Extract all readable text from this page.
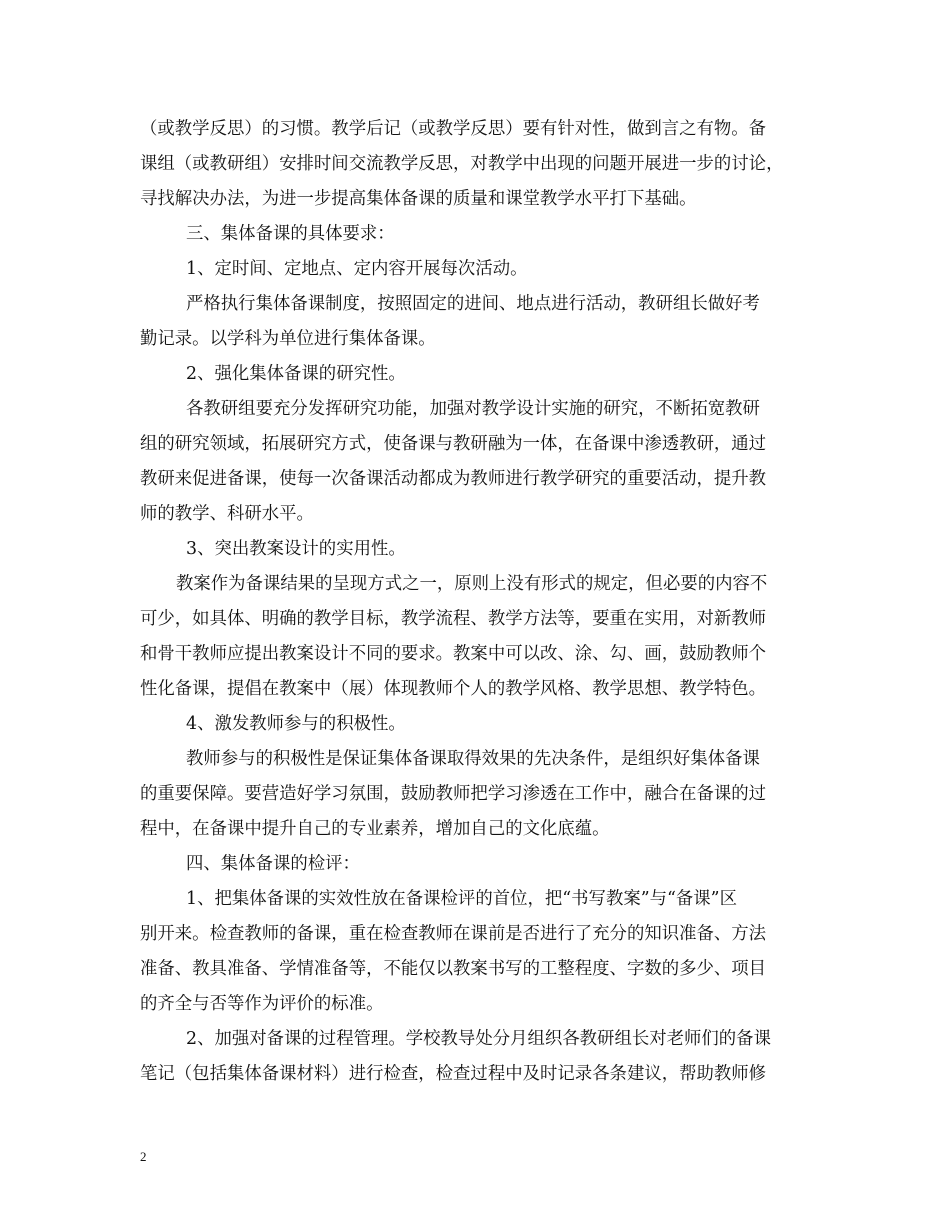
（或教学反思）的习惯。教学后记（或教学反思）要有针对性，做到言之有物。备
课组（或教研组）安排时间交流教学反思，对教学中出现的问题开展进一步的讨论，
寻找解决办法，为进一步提高集体备课的质量和课堂教学水平打下基础。
三、集体备课的具体要求：
1、定时间、定地点、定内容开展每次活动。
严格执行集体备课制度，按照固定的进间、地点进行活动，教研组长做好考
勤记录。以学科为单位进行集体备课。
2、强化集体备课的研究性。
各教研组要充分发挥研究功能，加强对教学设计实施的研究，不断拓宽教研
组的研究领域，拓展研究方式，使备课与教研融为一体，在备课中渗透教研，通过
教研来促进备课，使每一次备课活动都成为教师进行教学研究的重要活动，提升教
师的教学、科研水平。
3、突出教案设计的实用性。
教案作为备课结果的呈现方式之一，原则上没有形式的规定，但必要的内容不
可少，如具体、明确的教学目标，教学流程、教学方法等，要重在实用，对新教师
和骨干教师应提出教案设计不同的要求。教案中可以改、涂、勾、画，鼓励教师个
性化备课，提倡在教案中（展）体现教师个人的教学风格、教学思想、教学特色。
4、激发教师参与的积极性。
教师参与的积极性是保证集体备课取得效果的先决条件，是组织好集体备课
的重要保障。要营造好学习氛围，鼓励教师把学习渗透在工作中，融合在备课的过
程中，在备课中提升自己的专业素养，增加自己的文化底蕴。
四、集体备课的检评：
1、把集体备课的实效性放在备课检评的首位，把“书写教案”与“备课”区
别开来。检查教师的备课，重在检查教师在课前是否进行了充分的知识准备、方法
准备、教具准备、学情准备等，不能仅以教案书写的工整程度、字数的多少、项目
的齐全与否等作为评价的标准。
2、加强对备课的过程管理。学校教导处分月组织各教研组长对老师们的备课
笔记（包括集体备课材料）进行检查，检查过程中及时记录各条建议，帮助教师修
2
